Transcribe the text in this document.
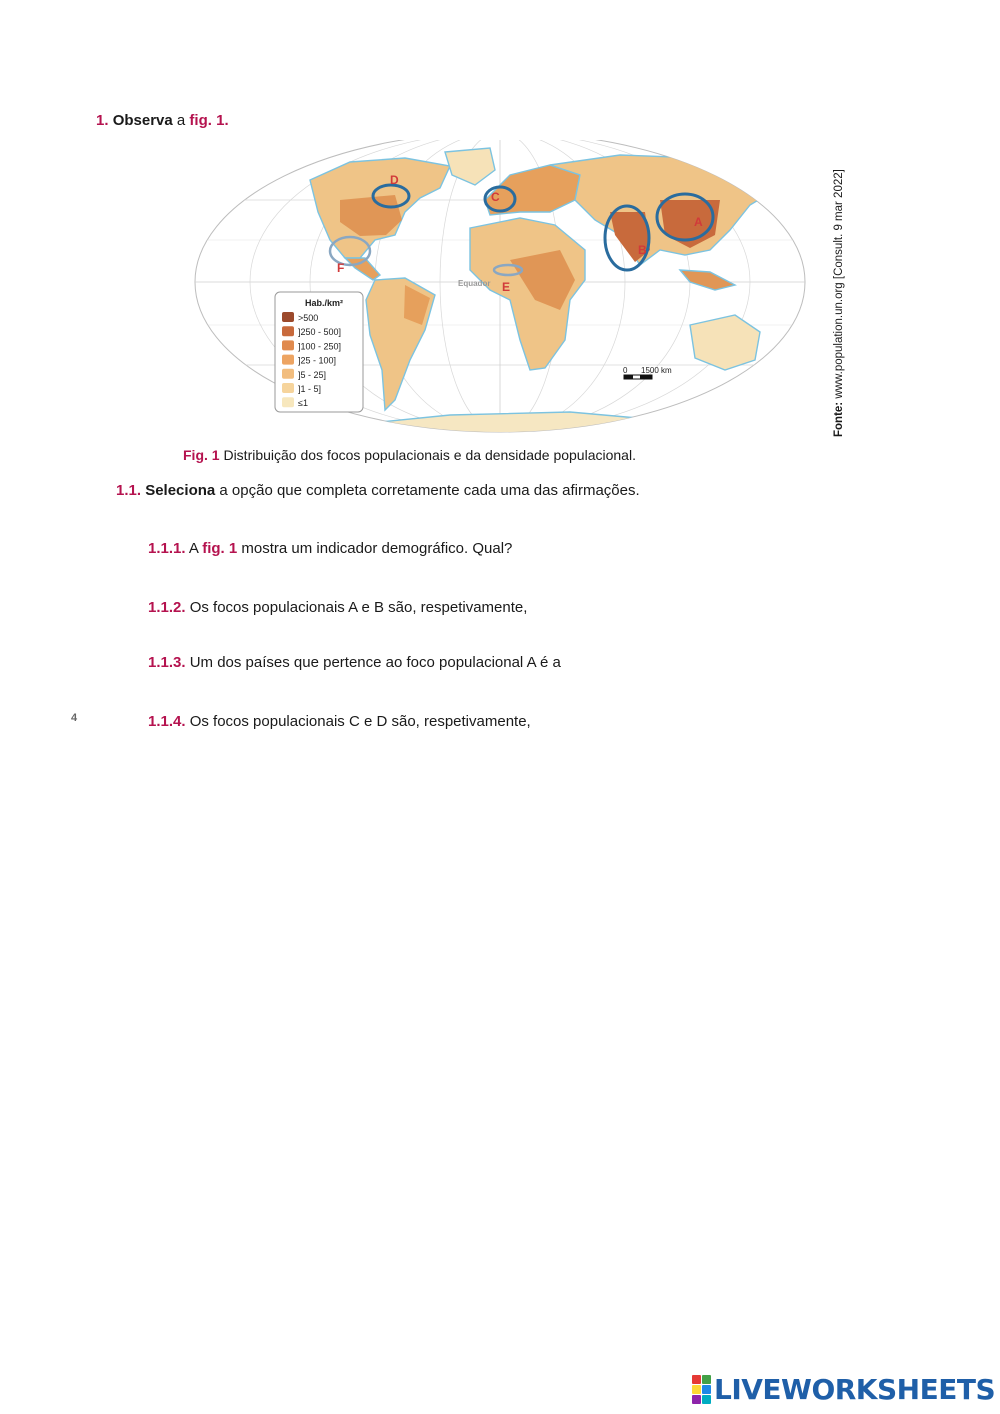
1. Observa a fig. 1.
A
B
C
D
E
F
Equador
0 1500 km
Hab./km²
>500
]250 - 500]
]100 - 250]
]25 - 100]
]5 - 25]
]1 - 5]
≤1	Fonte: www.population.un.org [Consult. 9 mar 2022]
Fig. 1 Distribuição dos focos populacionais e da densidade populacional.
1.1. Seleciona a opção que completa corretamente cada uma das afirmações.
1.1.1. A fig. 1 mostra um indicador demográfico. Qual?
1.1.2. Os focos populacionais A e B são, respetivamente,
1.1.3. Um dos países que pertence ao foco populacional A é a
1.1.4. Os focos populacionais C e D são, respetivamente,
4
LIVEWORKSHEETS
